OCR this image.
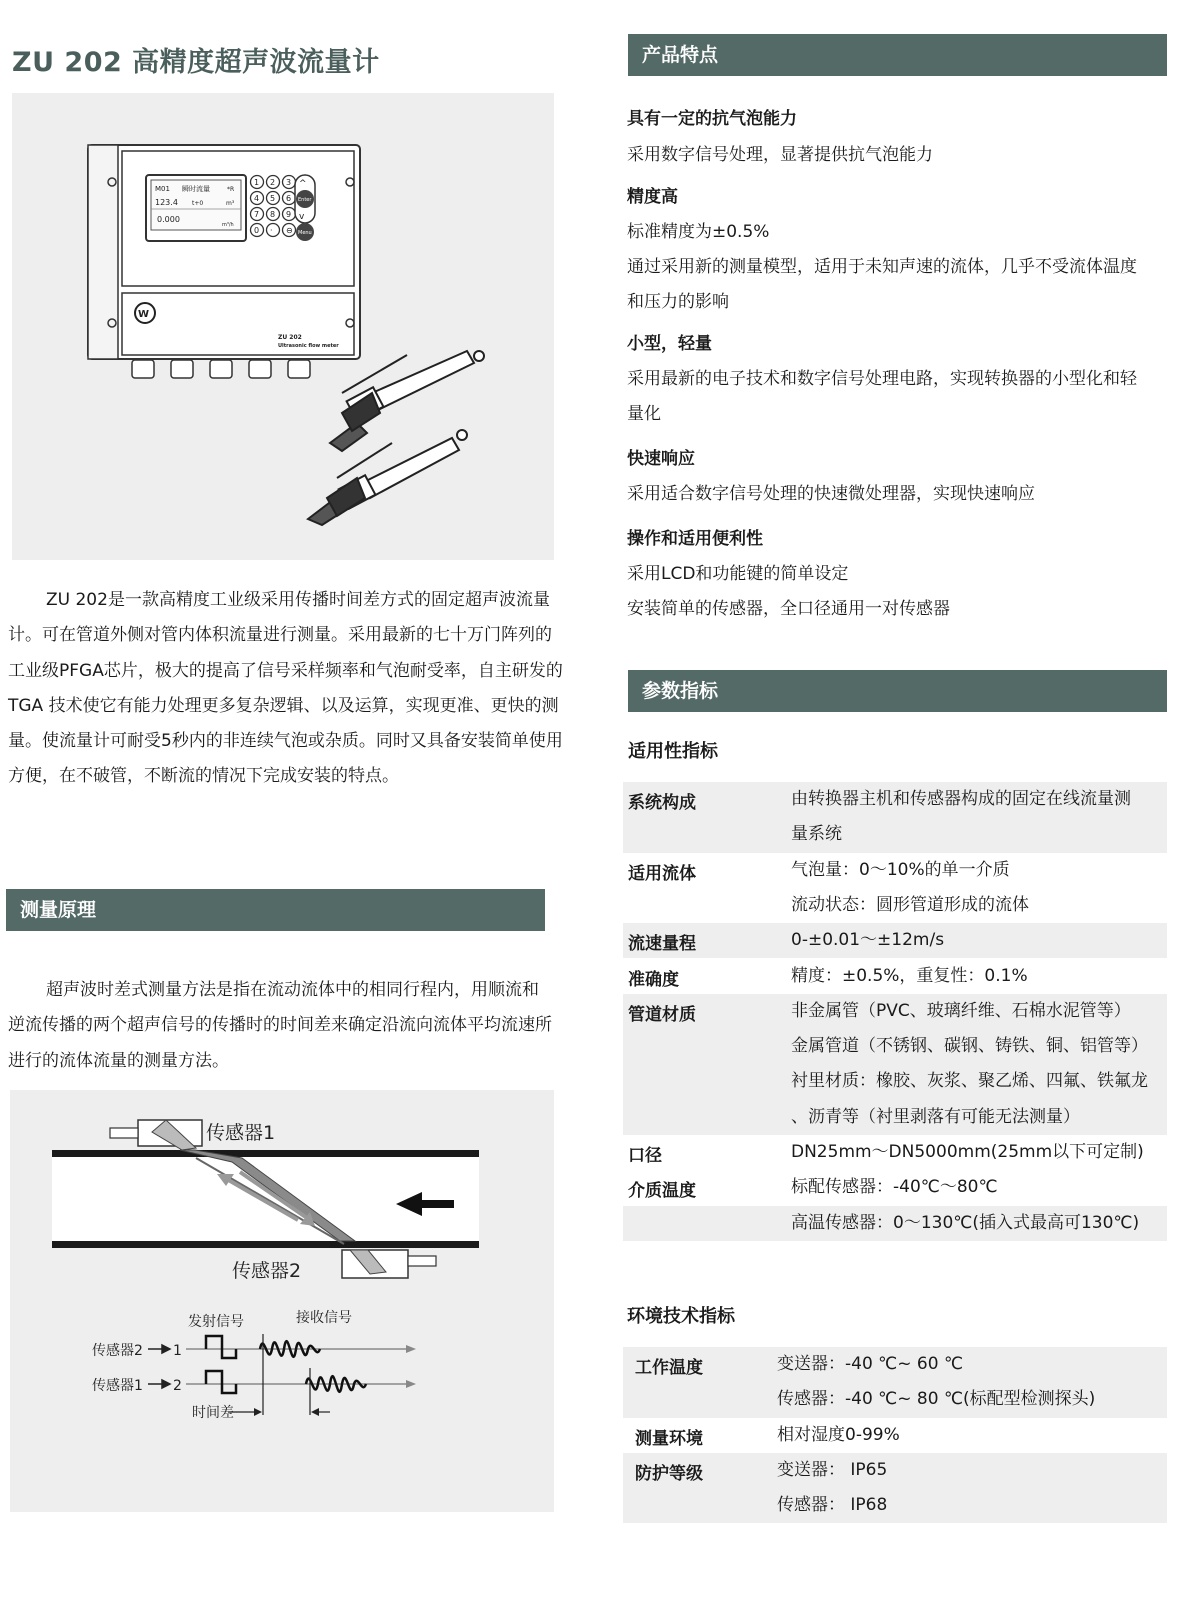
ZU 202 高精度超声波流量计
M01 瞬时流量	*R
123.4 t+0	m³
0.000
m³/h
1 2 3
4 5 6
7 8 9
0 · ⊖
^
v
Enter
Menu
W
ZU 202
Ultrasonic flow meter
ZU 202是一款高精度工业级采用传播时间差方式的固定超声波流量计。可在管道外侧对管内体积流量进行测量。采用最新的七十万门阵列的工业级PFGA芯片，极大的提高了信号采样频率和气泡耐受率，自主研发的TGA 技术使它有能力处理更多复杂逻辑、以及运算，实现更准、更快的测量。使流量计可耐受5秒内的非连续气泡或杂质。同时又具备安装简单使用方便，在不破管，不断流的情况下完成安装的特点。
测量原理
超声波时差式测量方法是指在流动流体中的相同行程内，用顺流和逆流传播的两个超声信号的传播时的时间差来确定沿流向流体平均流速所进行的流体流量的测量方法。
传感器1
传感器2
发射信号	接收信号
传感器2 1
传感器1 2
时间差
产品特点
具有一定的抗气泡能力
采用数字信号处理，显著提供抗气泡能力
精度高
标准精度为±0.5%
通过采用新的测量模型，适用于未知声速的流体，几乎不受流体温度
和压力的影响
小型，轻量
采用最新的电子技术和数字信号处理电路，实现转换器的小型化和轻
量化
快速响应
采用适合数字信号处理的快速微处理器，实现快速响应
操作和适用便利性
采用LCD和功能键的简单设定
安装简单的传感器，全口径通用一对传感器
参数指标
适用性指标
系统构成	由转换器主机和传感器构成的固定在线流量测
量系统
适用流体	气泡量：0～10%的单一介质
流动状态：圆形管道形成的流体
流速量程	0-±0.01～±12m/s
准确度	精度：±0.5%，重复性：0.1%
管道材质	非金属管（PVC、玻璃纤维、石棉水泥管等）
金属管道（不锈钢、碳钢、铸铁、铜、铝管等）
衬里材质：橡胶、灰浆、聚乙烯、四氟、铁氟龙
、沥青等（衬里剥落有可能无法测量）
口径	DN25mm～DN5000mm(25mm以下可定制)
介质温度	标配传感器：-40℃～80℃
高温传感器：0～130℃(插入式最高可130℃)
环境技术指标
工作温度	变送器：-40 ℃~ 60 ℃
传感器：-40 ℃~ 80 ℃(标配型检测探头)
测量环境	相对湿度0-99%
防护等级	变送器： IP65
传感器： IP68
